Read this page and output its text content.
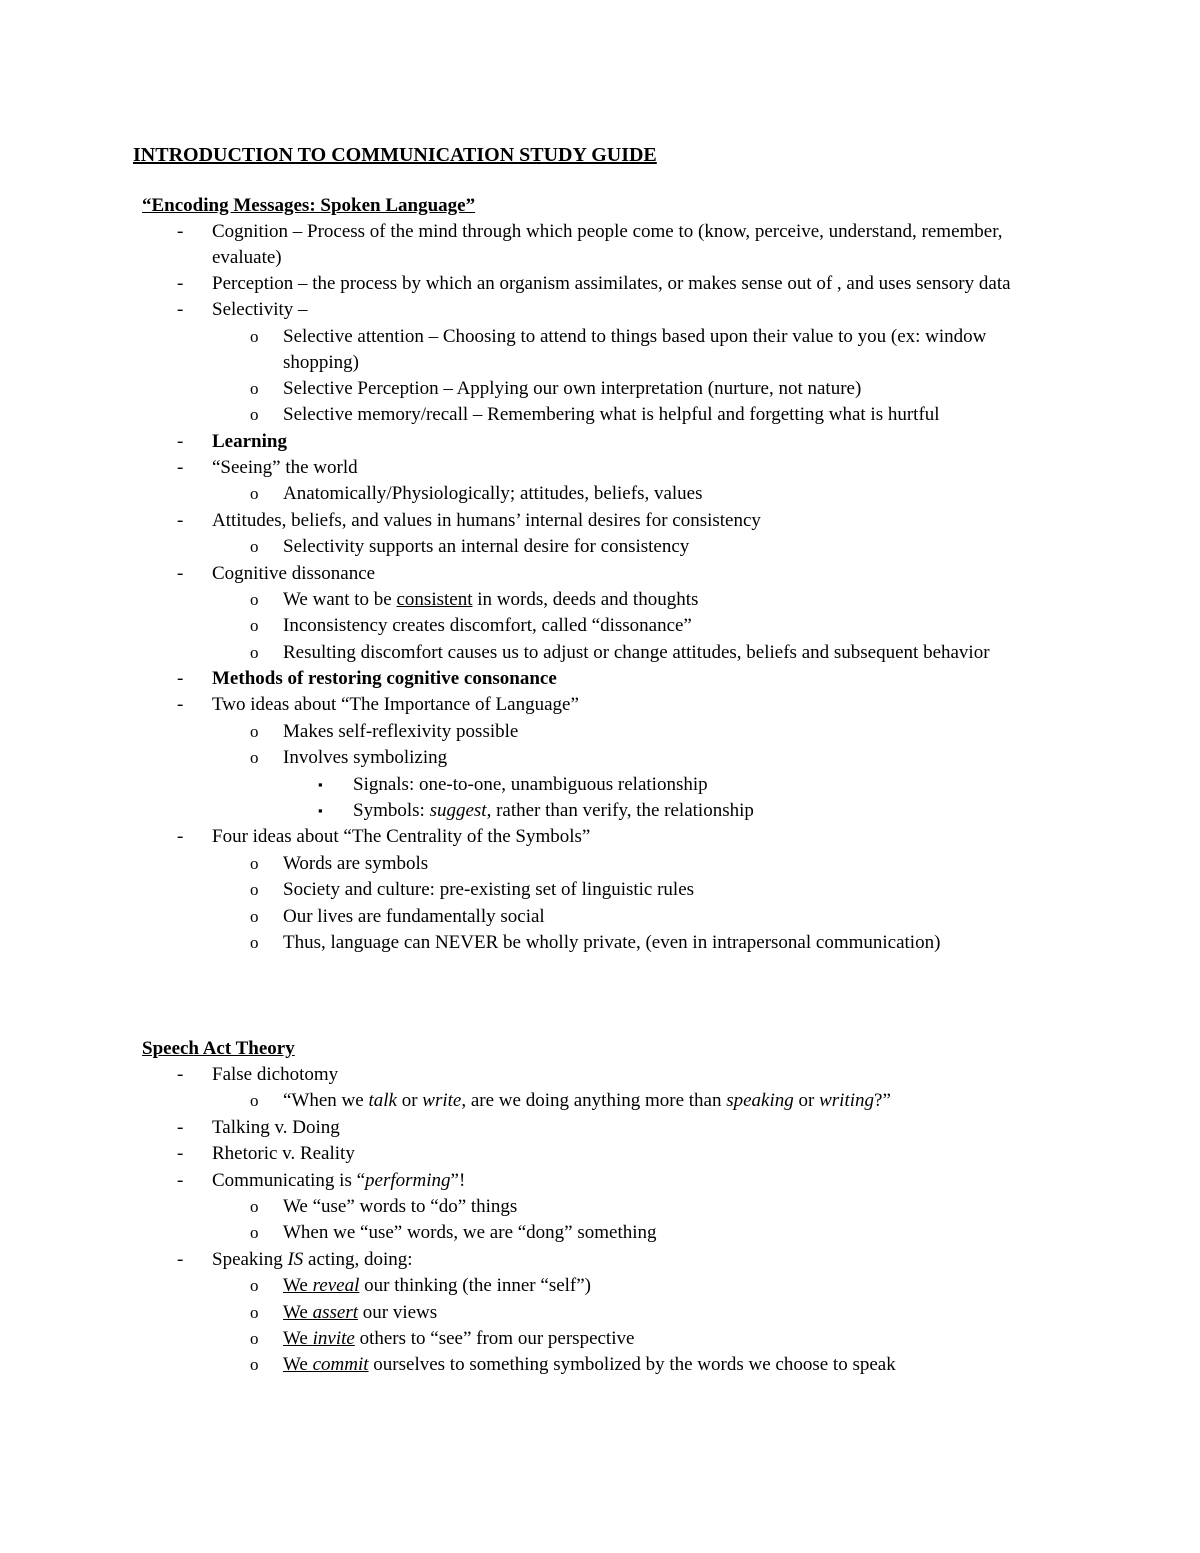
INTRODUCTION TO COMMUNICATION STUDY GUIDE
“Encoding Messages: Spoken Language”
-	Cognition – Process of the mind through which people come to (know, perceive, understand, remember, evaluate)
-	Perception – the process by which an organism assimilates, or makes sense out of , and uses sensory data
-	Selectivity –
o	Selective attention – Choosing to attend to things based upon their value to you (ex: window shopping)
o	Selective Perception – Applying our own interpretation (nurture, not nature)
o	Selective memory/recall – Remembering what is helpful and forgetting what is hurtful
-	Learning
-	“Seeing” the world
o	Anatomically/Physiologically; attitudes, beliefs, values
-	Attitudes, beliefs, and values in humans’ internal desires for consistency
o	Selectivity supports an internal desire for consistency
-	Cognitive dissonance
o	We want to be consistent in words, deeds and thoughts
o	Inconsistency creates discomfort, called “dissonance”
o	Resulting discomfort causes us to adjust or change attitudes, beliefs and subsequent behavior
-	Methods of restoring cognitive consonance
-	Two ideas about “The Importance of Language”
o	Makes self-reflexivity possible
o	Involves symbolizing
▪	Signals: one-to-one, unambiguous relationship
▪	Symbols: suggest, rather than verify, the relationship
-	Four ideas about “The Centrality of the Symbols”
o	Words are symbols
o	Society and culture: pre-existing set of linguistic rules
o	Our lives are fundamentally social
o	Thus, language can NEVER be wholly private, (even in intrapersonal communication)
Speech Act Theory
-	False dichotomy
o	“When we talk or write, are we doing anything more than speaking or writing?”
-	Talking v. Doing
-	Rhetoric v. Reality
-	Communicating is “performing”!
o	We “use” words to “do” things
o	When we “use” words, we are “dong” something
-	Speaking IS acting, doing:
o	We reveal our thinking (the inner “self”)
o	We assert our views
o	We invite others to “see” from our perspective
o	We commit ourselves to something symbolized by the words we choose to speak
